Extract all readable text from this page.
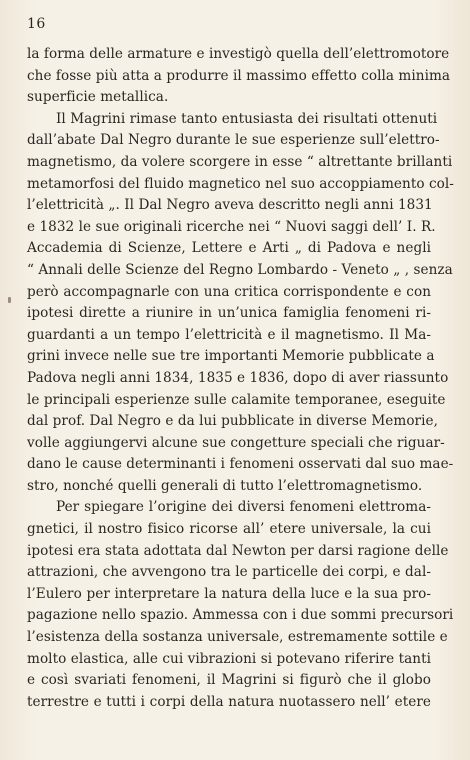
16
la forma delle armature e investigò quella dell’elettromotore
che fosse più atta a produrre il massimo effetto colla minima
superficie metallica.
Il Magrini rimase tanto entusiasta dei risultati ottenuti
dall’abate Dal Negro durante le sue esperienze sull’elettro-
magnetismo, da volere scorgere in esse “ altrettante brillanti
metamorfosi del fluido magnetico nel suo accoppiamento col-
l’elettricità „. Il Dal Negro aveva descritto negli anni 1831
e 1832 le sue originali ricerche nei “ Nuovi saggi dell’ I. R.
Accademia di Scienze, Lettere e Arti „ di Padova e negli
“ Annali delle Scienze del Regno Lombardo - Veneto „ , senza
però accompagnarle con una critica corrispondente e con
ipotesi dirette a riunire in un’unica famiglia fenomeni ri-
guardanti a un tempo l’elettricità e il magnetismo. Il Ma-
grini invece nelle sue tre importanti Memorie pubblicate a
Padova negli anni 1834, 1835 e 1836, dopo di aver riassunto
le principali esperienze sulle calamite temporanee, eseguite
dal prof. Dal Negro e da lui pubblicate in diverse Memorie,
volle aggiungervi alcune sue congetture speciali che riguar-
dano le cause determinanti i fenomeni osservati dal suo mae-
stro, nonché quelli generali di tutto l’elettromagnetismo.
Per spiegare l’origine dei diversi fenomeni elettroma-
gnetici, il nostro fisico ricorse all’ etere universale, la cui
ipotesi era stata adottata dal Newton per darsi ragione delle
attrazioni, che avvengono tra le particelle dei corpi, e dal-
l’Eulero per interpretare la natura della luce e la sua pro-
pagazione nello spazio. Ammessa con i due sommi precursori
l’esistenza della sostanza universale, estremamente sottile e
molto elastica, alle cui vibrazioni si potevano riferire tanti
e così svariati fenomeni, il Magrini si figurò che il globo
terrestre e tutti i corpi della natura nuotassero nell’ etere
